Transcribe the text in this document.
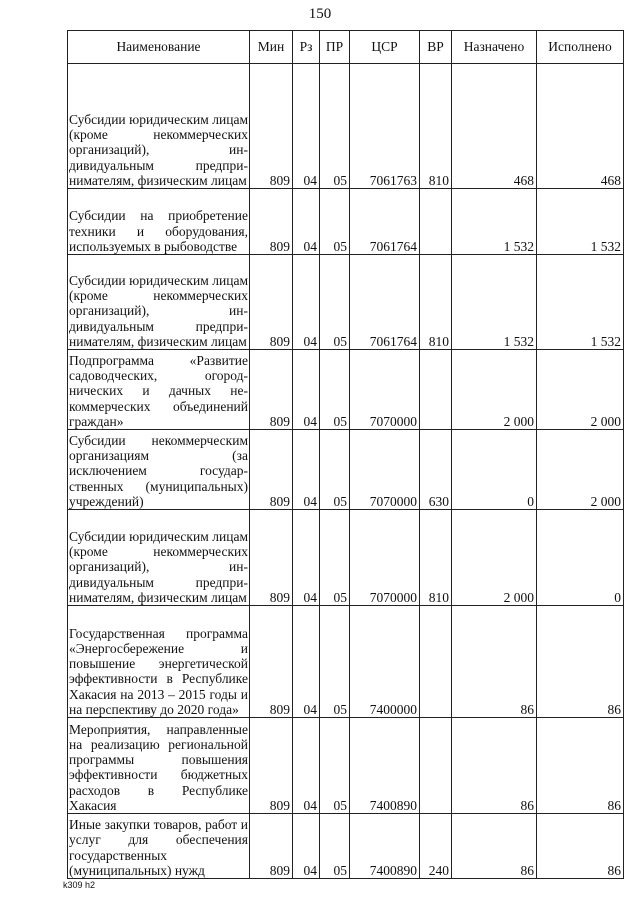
150
Наименование	Мин	Рз	ПР	ЦСР	ВР	Назначено	Исполнено
Субсидии юридическим лицам (кроме некоммерческих организаций), индивидуальным предпринимателям, физическим лицам	809	04	05	7061763	810	468	468
Субсидии на приобретение техники и оборудования, используемых в рыбоводстве	809	04	05	7061764		1 532	1 532
Субсидии юридическим лицам (кроме некоммерческих организаций), индивидуальным предпринимателям, физическим лицам	809	04	05	7061764	810	1 532	1 532
Подпрограмма «Развитие садоводческих, огороднических и дачных некоммерческих объединений граждан»	809	04	05	7070000		2 000	2 000
Субсидии некоммерческим организациям (за исключением государственных (муниципальных) учреждений)	809	04	05	7070000	630	0	2 000
Субсидии юридическим лицам (кроме некоммерческих организаций), индивидуальным предпринимателям, физическим лицам	809	04	05	7070000	810	2 000	0
Государственная программа «Энергосбережение и повышение энергетической эффективности в Республике Хакасия на 2013 – 2015 годы и на перспективу до 2020 года»	809	04	05	7400000		86	86
Мероприятия, направленные на реализацию региональной программы повышения эффективности бюджетных расходов в Республике Хакасия	809	04	05	7400890		86	86
Иные закупки товаров, работ и услуг для обеспечения государственных (муниципальных) нужд	809	04	05	7400890	240	86	86
k309 h2
